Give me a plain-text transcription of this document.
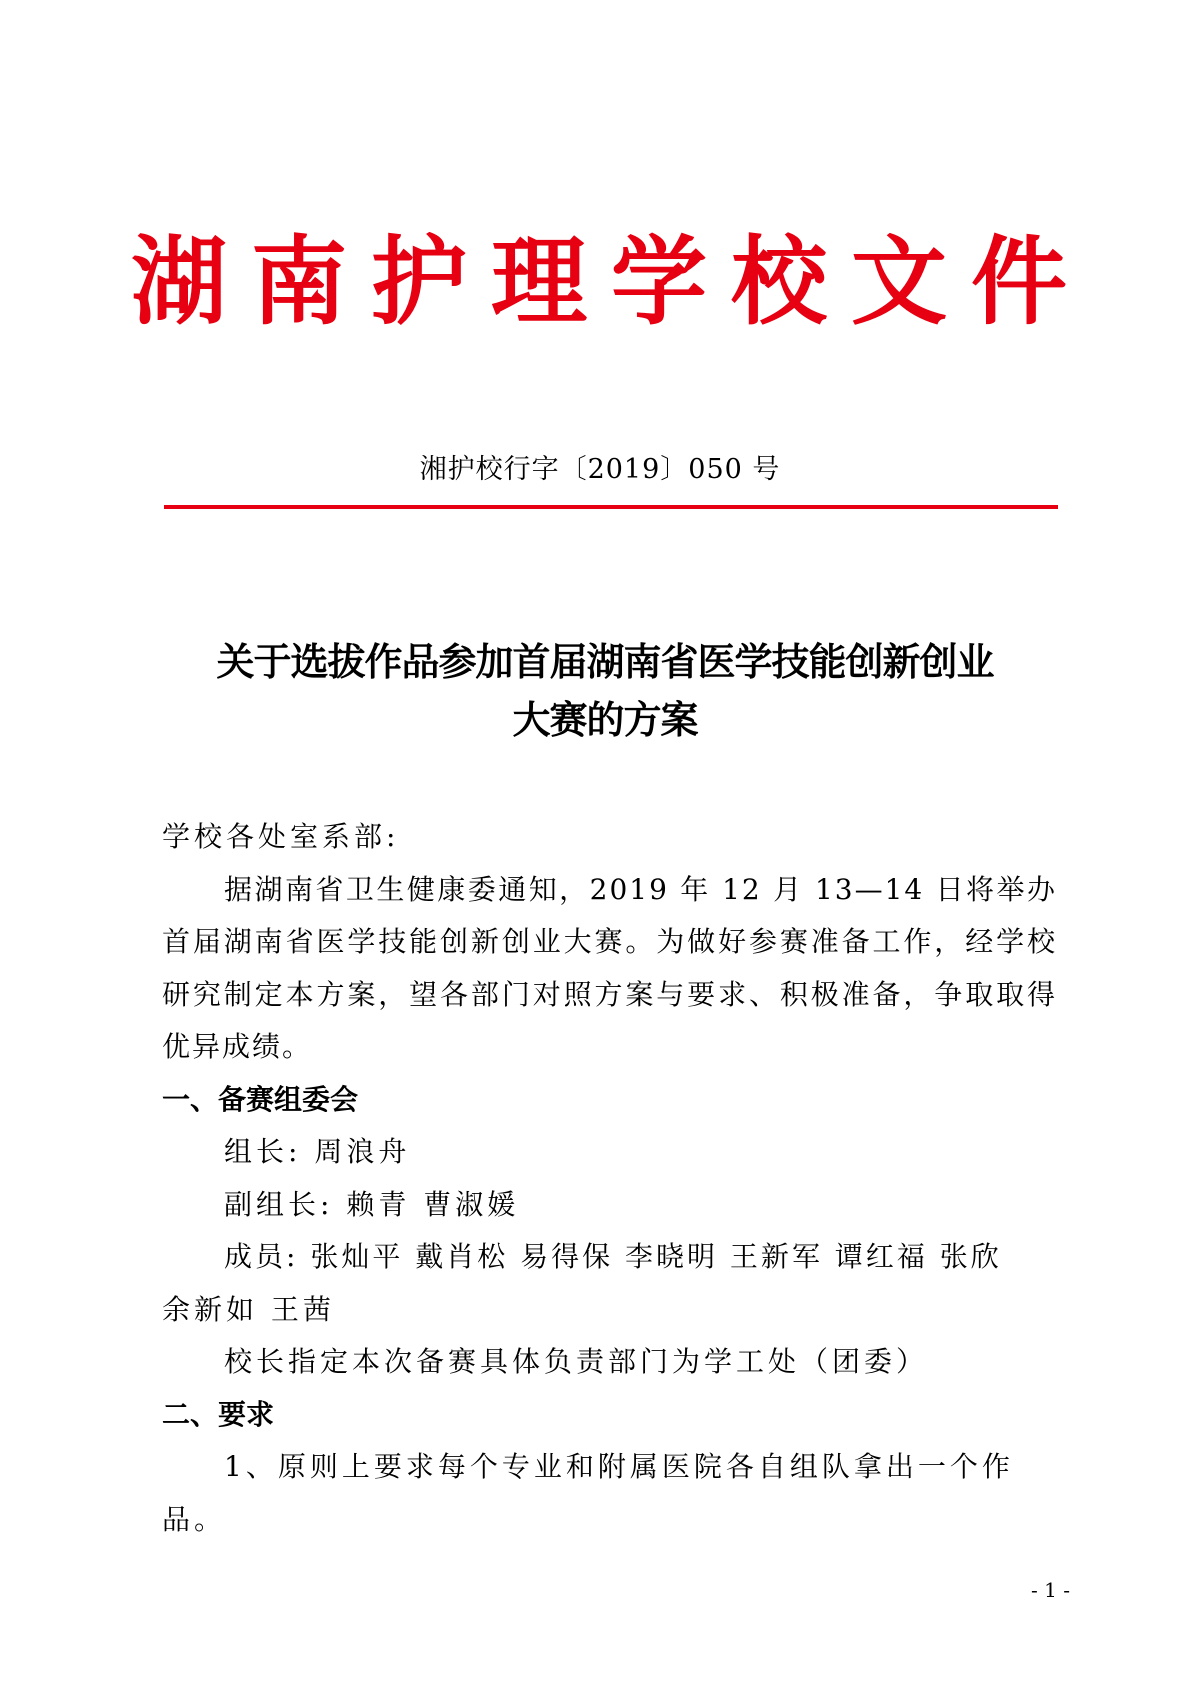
湖南护理学校文件
湘护校行字〔2019〕050 号
关于选拔作品参加首届湖南省医学技能创新创业
大赛的方案

学校各处室系部:

据湖南省卫生健康委通知，2019 年 12 月 13—14 日将举办首届湖南省医学技能创新创业大赛。为做好参赛准备工作，经学校研究制定本方案，望各部门对照方案与要求、积极准备，争取取得优异成绩。

一、备赛组委会

组长: 周浪舟

副组长: 赖青 曹淑媛

成员: 张灿平 戴肖松 易得保 李晓明 王新军 谭红福 张欣

余新如 王茜

校长指定本次备赛具体负责部门为学工处（团委）

二、要求

1、原则上要求每个专业和附属医院各自组队拿出一个作品。

- 1 -
